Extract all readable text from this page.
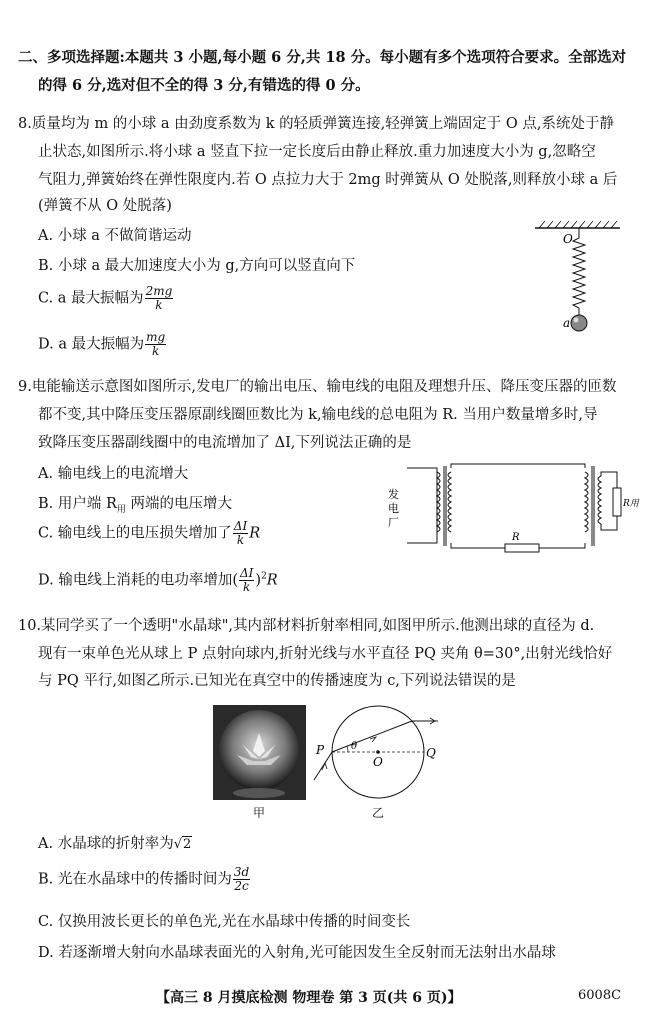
二、多项选择题:本题共 3 小题,每小题 6 分,共 18 分。每小题有多个选项符合要求。全部选对
的得 6 分,选对但不全的得 3 分,有错选的得 0 分。
8.质量均为 m 的小球 a 由劲度系数为 k 的轻质弹簧连接,轻弹簧上端固定于 O 点,系统处于静
止状态,如图所示.将小球 a 竖直下拉一定长度后由静止释放.重力加速度大小为 g,忽略空
气阻力,弹簧始终在弹性限度内.若 O 点拉力大于 2mg 时弹簧从 O 处脱落,则释放小球 a 后
(弹簧不从 O 处脱落)
A. 小球 a 不做简谐运动
B. 小球 a 最大加速度大小为 g,方向可以竖直向下
C. a 最大振幅为 $\frac{2mg}{k}$
D. a 最大振幅为 $\frac{mg}{k}$
O
a
9.电能输送示意图如图所示,发电厂的输出电压、输电线的电阻及理想升压、降压变压器的匝数
都不变,其中降压变压器原副线圈匝数比为 k,输电线的总电阻为 R. 当用户数量增多时,导
致降压变压器副线圈中的电流增加了 ΔI,下列说法正确的是
A. 输电线上的电流增大
B. 用户端 $R_用$ 两端的电压增大
C. 输电线上的电压损失增加了 $\frac{\Delta I}{k}$ R
D. 输电线上消耗的电功率增加( $\frac{\Delta I}{k} )^2R$
发
电
厂
R
R用
10.某同学买了一个透明"水晶球",其内部材料折射率相同,如图甲所示.他测出球的直径为 d.
现有一束单色光从球上 P 点射向球内,折射光线与水平直径 PQ 夹角 θ=30°,出射光线恰好
与 PQ 平行,如图乙所示.已知光在真空中的传播速度为 c,下列说法错误的是
甲
P	Q
O
θ
乙
A. 水晶球的折射率为√2
B. 光在水晶球中的传播时间为 $\frac{3d}{2c}$
C. 仅换用波长更长的单色光,光在水晶球中传播的时间变长
D. 若逐渐增大射向水晶球表面光的入射角,光可能因发生全反射而无法射出水晶球
【高三 8 月摸底检测 物理卷 第 3 页(共 6 页)】	6008C
